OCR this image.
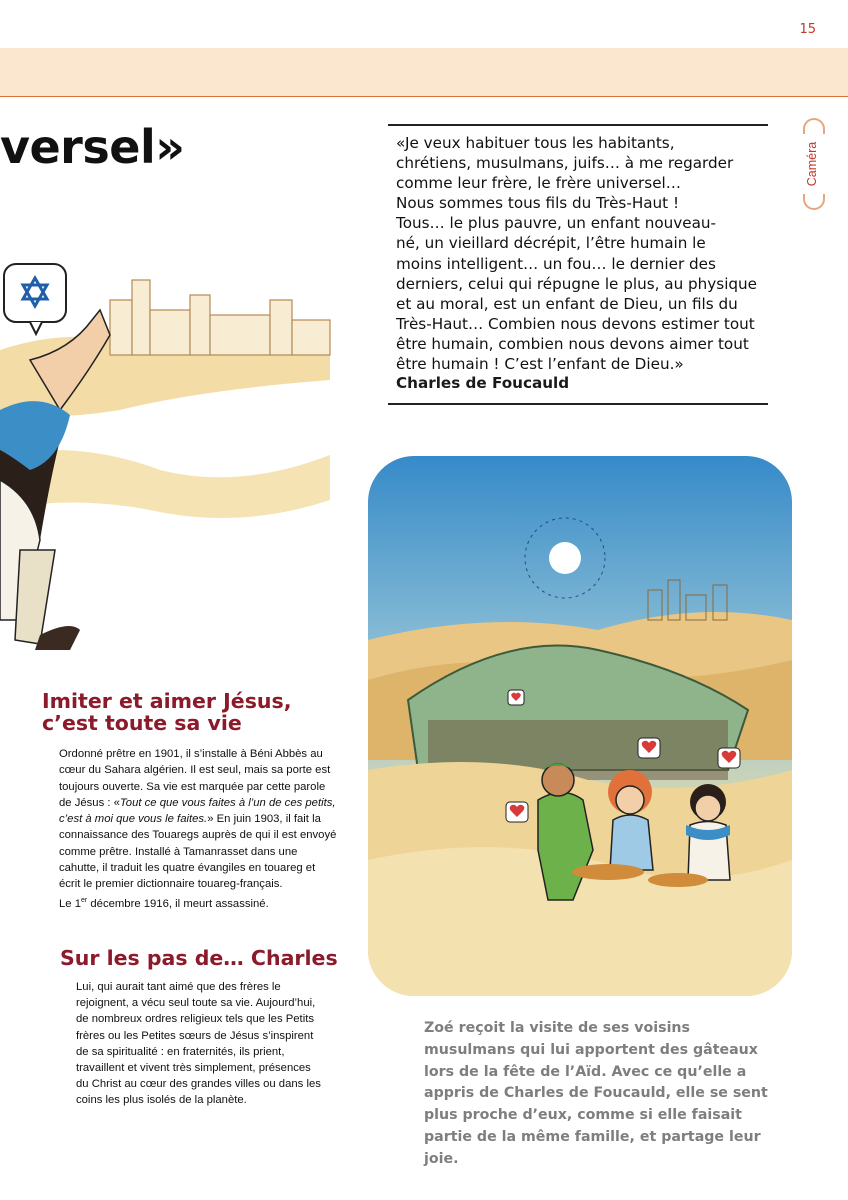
15
versel»	Caméra
«Je veux habituer tous les habitants,
chrétiens, musulmans, juifs… à me regarder
comme leur frère, le frère universel…
Nous sommes tous fils du Très-Haut !
Tous… le plus pauvre, un enfant nouveau-
né, un vieillard décrépit, l’être humain le
moins intelligent… un fou… le dernier des
derniers, celui qui répugne le plus, au physique
et au moral, est un enfant de Dieu, un fils du
Très-Haut… Combien nous devons estimer tout
être humain, combien nous devons aimer tout
être humain ! C’est l’enfant de Dieu.»
Charles de Foucauld
Imiter et aimer Jésus,
c’est toute sa vie

Ordonné prêtre en 1901, il s’installe à Béni Abbès au cœur du Sahara algérien. Il est seul, mais sa porte est toujours ouverte. Sa vie est marquée par cette parole de Jésus : «Tout ce que vous faites à l’un de ces petits, c’est à moi que vous le faites.» En juin 1903, il fait la connaissance des Touaregs auprès de qui il est envoyé comme prêtre. Installé à Tamanrasset dans une cahutte, il traduit les quatre évangiles en touareg et écrit le premier dictionnaire touareg-français.
Le 1er décembre 1916, il meurt assassiné.

Sur les pas de… Charles

Lui, qui aurait tant aimé que des frères le rejoignent, a vécu seul toute sa vie. Aujourd’hui, de nombreux ordres religieux tels que les Petits frères ou les Petites sœurs de Jésus s’inspirent de sa spiritualité : en fraternités, ils prient, travaillent et vivent très simplement, présences du Christ au cœur des grandes villes ou dans les coins les plus isolés de la planète.

Zoé reçoit la visite de ses voisins musulmans qui lui apportent des gâteaux lors de la fête de l’Aïd. Avec ce qu’elle a appris de Charles de Foucauld, elle se sent plus proche d’eux, comme si elle faisait partie de la même famille, et partage leur joie.
